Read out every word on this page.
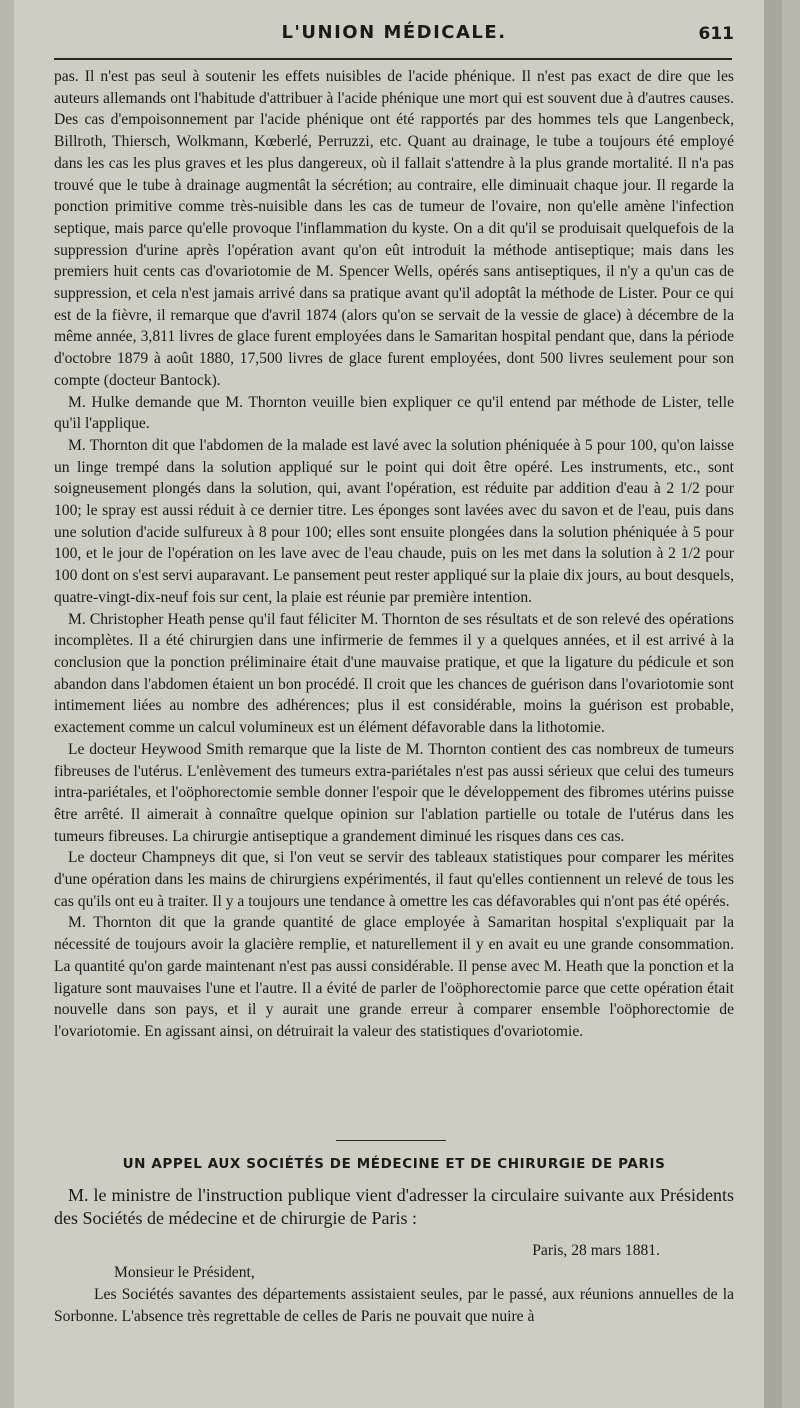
L'UNION MÉDICALE.	611

pas. Il n'est pas seul à soutenir les effets nuisibles de l'acide phénique. Il n'est pas exact de dire que les auteurs allemands ont l'habitude d'attribuer à l'acide phénique une mort qui est souvent due à d'autres causes. Des cas d'empoisonnement par l'acide phénique ont été rapportés par des hommes tels que Langenbeck, Billroth, Thiersch, Wolkmann, Kœberlé, Perruzzi, etc. Quant au drainage, le tube a toujours été employé dans les cas les plus graves et les plus dangereux, où il fallait s'attendre à la plus grande mortalité. Il n'a pas trouvé que le tube à drainage augmentât la sécrétion; au contraire, elle diminuait chaque jour. Il regarde la ponction primitive comme très-nuisible dans les cas de tumeur de l'ovaire, non qu'elle amène l'infection septique, mais parce qu'elle provoque l'inflammation du kyste. On a dit qu'il se produisait quelquefois de la suppression d'urine après l'opération avant qu'on eût introduit la méthode antiseptique; mais dans les premiers huit cents cas d'ovariotomie de M. Spencer Wells, opérés sans antiseptiques, il n'y a qu'un cas de suppression, et cela n'est jamais arrivé dans sa pratique avant qu'il adoptât la méthode de Lister. Pour ce qui est de la fièvre, il remarque que d'avril 1874 (alors qu'on se servait de la vessie de glace) à décembre de la même année, 3,811 livres de glace furent employées dans le Samaritan hospital pendant que, dans la période d'octobre 1879 à août 1880, 17,500 livres de glace furent employées, dont 500 livres seulement pour son compte (docteur Bantock).

M. Hulke demande que M. Thornton veuille bien expliquer ce qu'il entend par méthode de Lister, telle qu'il l'applique.

M. Thornton dit que l'abdomen de la malade est lavé avec la solution phéniquée à 5 pour 100, qu'on laisse un linge trempé dans la solution appliqué sur le point qui doit être opéré. Les instruments, etc., sont soigneusement plongés dans la solution, qui, avant l'opération, est réduite par addition d'eau à 2 1/2 pour 100; le spray est aussi réduit à ce dernier titre. Les éponges sont lavées avec du savon et de l'eau, puis dans une solution d'acide sulfureux à 8 pour 100; elles sont ensuite plongées dans la solution phéniquée à 5 pour 100, et le jour de l'opération on les lave avec de l'eau chaude, puis on les met dans la solution à 2 1/2 pour 100 dont on s'est servi auparavant. Le pansement peut rester appliqué sur la plaie dix jours, au bout desquels, quatre-vingt-dix-neuf fois sur cent, la plaie est réunie par première intention.

M. Christopher Heath pense qu'il faut féliciter M. Thornton de ses résultats et de son relevé des opérations incomplètes. Il a été chirurgien dans une infirmerie de femmes il y a quelques années, et il est arrivé à la conclusion que la ponction préliminaire était d'une mauvaise pratique, et que la ligature du pédicule et son abandon dans l'abdomen étaient un bon procédé. Il croit que les chances de guérison dans l'ovariotomie sont intimement liées au nombre des adhérences; plus il est considérable, moins la guérison est probable, exactement comme un calcul volumineux est un élément défavorable dans la lithotomie.

Le docteur Heywood Smith remarque que la liste de M. Thornton contient des cas nombreux de tumeurs fibreuses de l'utérus. L'enlèvement des tumeurs extra-pariétales n'est pas aussi sérieux que celui des tumeurs intra-pariétales, et l'oöphorectomie semble donner l'espoir que le développement des fibromes utérins puisse être arrêté. Il aimerait à connaître quelque opinion sur l'ablation partielle ou totale de l'utérus dans les tumeurs fibreuses. La chirurgie antiseptique a grandement diminué les risques dans ces cas.

Le docteur Champneys dit que, si l'on veut se servir des tableaux statistiques pour comparer les mérites d'une opération dans les mains de chirurgiens expérimentés, il faut qu'elles contiennent un relevé de tous les cas qu'ils ont eu à traiter. Il y a toujours une tendance à omettre les cas défavorables qui n'ont pas été opérés.

M. Thornton dit que la grande quantité de glace employée à Samaritan hospital s'expliquait par la nécessité de toujours avoir la glacière remplie, et naturellement il y en avait eu une grande consommation. La quantité qu'on garde maintenant n'est pas aussi considérable. Il pense avec M. Heath que la ponction et la ligature sont mauvaises l'une et l'autre. Il a évité de parler de l'oöphorectomie parce que cette opération était nouvelle dans son pays, et il y aurait une grande erreur à comparer ensemble l'oöphorectomie de l'ovariotomie. En agissant ainsi, on détruirait la valeur des statistiques d'ovariotomie.

UN APPEL AUX SOCIÉTÉS DE MÉDECINE ET DE CHIRURGIE DE PARIS

M. le ministre de l'instruction publique vient d'adresser la circulaire suivante aux Présidents des Sociétés de médecine et de chirurgie de Paris :

Paris, 28 mars 1881.
Monsieur le Président,

Les Sociétés savantes des départements assistaient seules, par le passé, aux réunions annuelles de la Sorbonne. L'absence très regrettable de celles de Paris ne pouvait que nuire à
